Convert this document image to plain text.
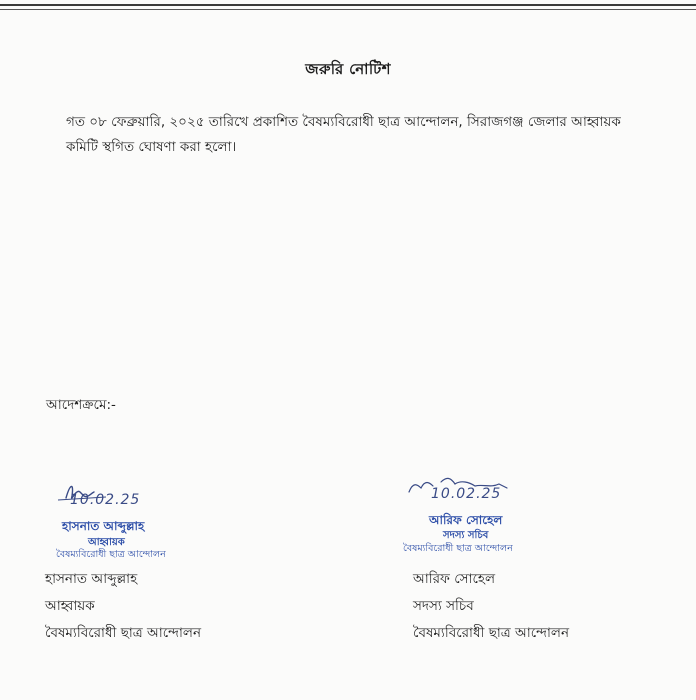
জরুরি নোটিশ
গত ০৮ ফেব্রুয়ারি, ২০২৫ তারিখে প্রকাশিত বৈষম্যবিরোধী ছাত্র আন্দোলন, সিরাজগঞ্জ জেলার আহ্বায়ক
কমিটি স্থগিত ঘোষণা করা হলো।
আদেশক্রমে:-
10.02.25
হাসনাত আব্দুল্লাহ
আহ্বায়ক
বৈষম্যবিরোধী ছাত্র আন্দোলন
10.02.25
আরিফ সোহেল
সদস্য সচিব
বৈষম্যবিরোধী ছাত্র আন্দোলন
হাসনাত আব্দুল্লাহ
আহ্বায়ক
বৈষম্যবিরোধী ছাত্র আন্দোলন
আরিফ সোহেল
সদস্য সচিব
বৈষম্যবিরোধী ছাত্র আন্দোলন
